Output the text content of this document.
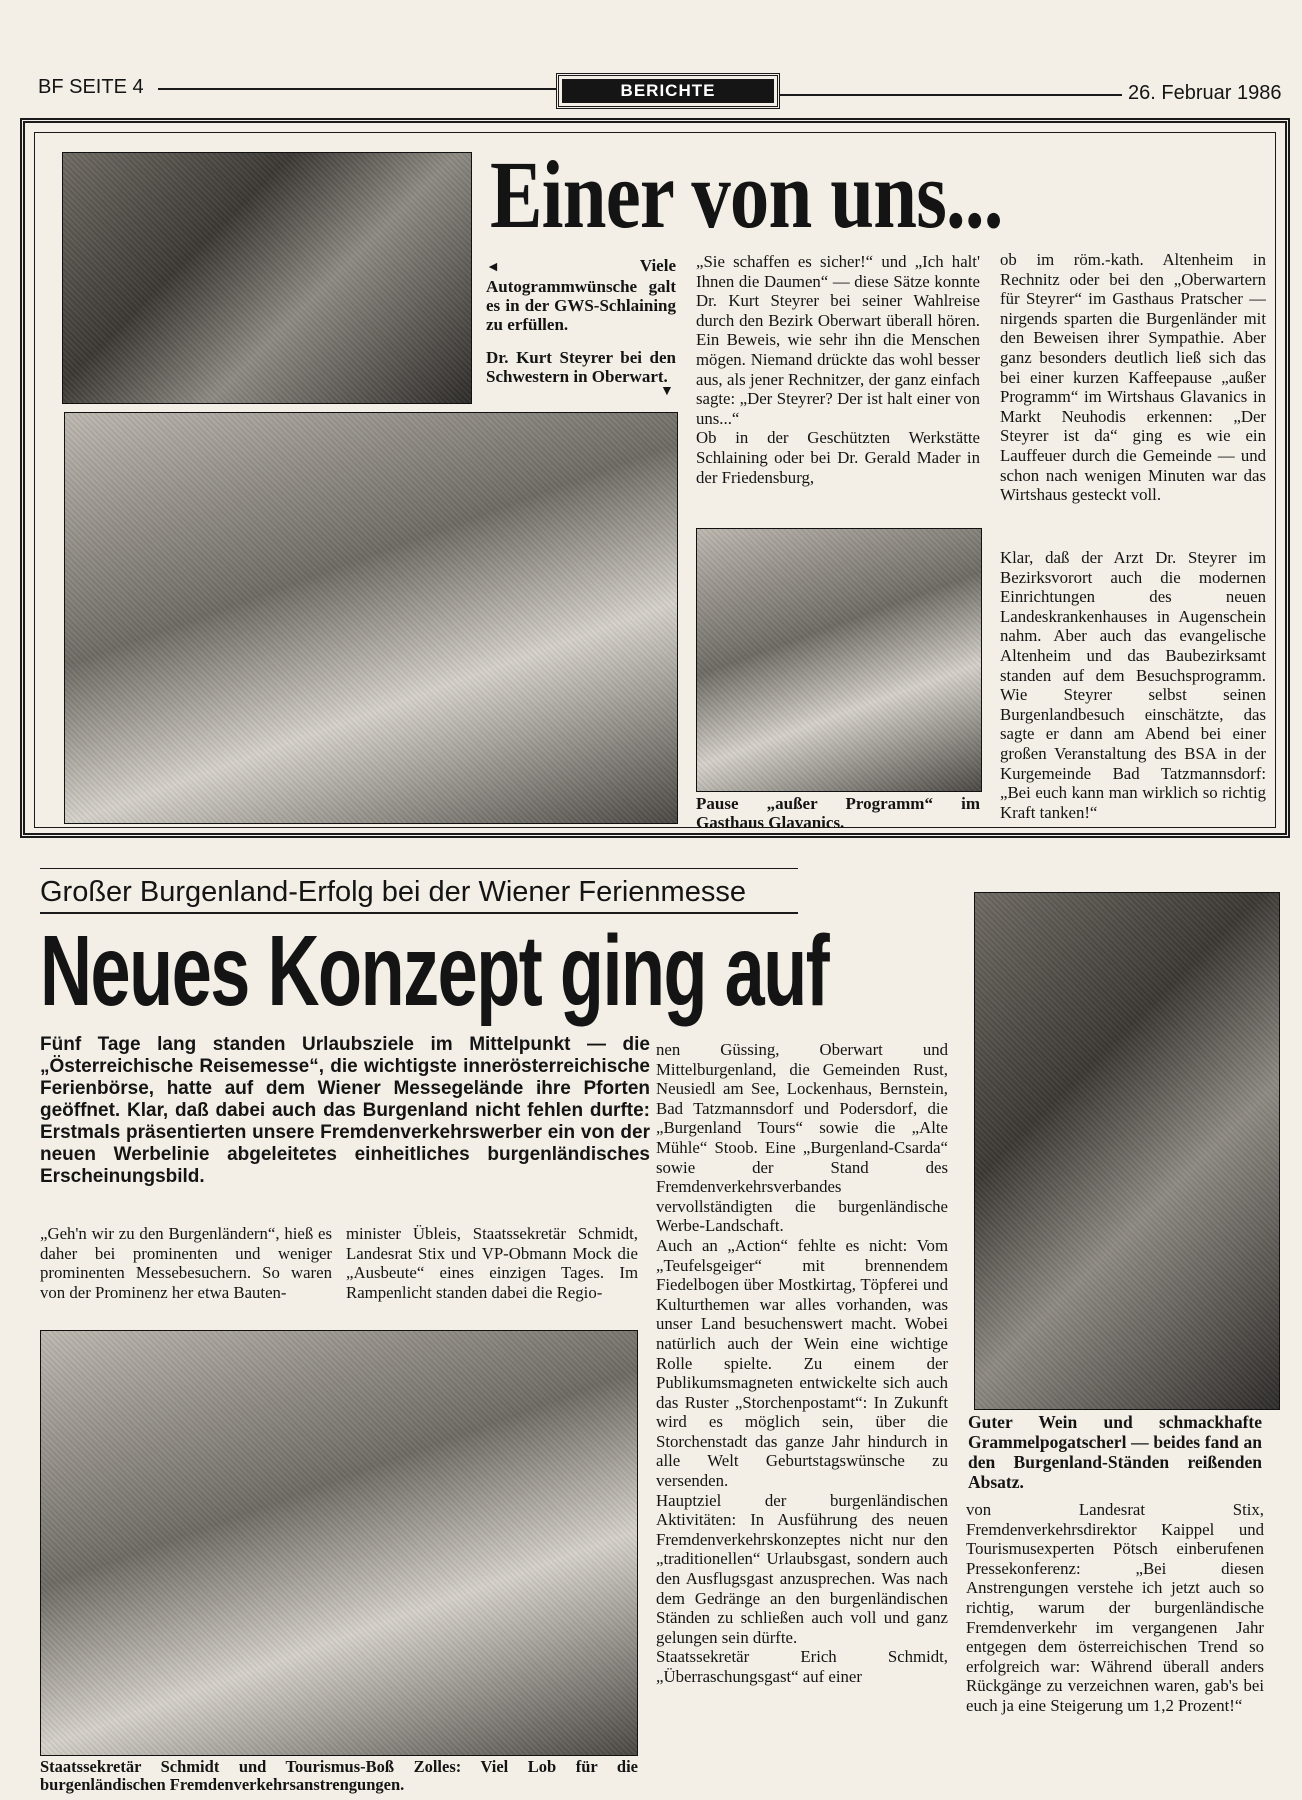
BF SEITE 4	BERICHTE	26. Februar 1986
Einer von uns...
◄ Viele Autogrammwünsche galt es in der GWS-Schlaining zu erfüllen.
Dr. Kurt Steyrer bei den Schwestern in Oberwart.
▼
„Sie schaffen es sicher!“ und „Ich halt' Ihnen die Daumen“ — diese Sätze konnte Dr. Kurt Steyrer bei seiner Wahlreise durch den Bezirk Oberwart überall hören. Ein Beweis, wie sehr ihn die Menschen mögen. Niemand drückte das wohl besser aus, als jener Rechnitzer, der ganz einfach sagte: „Der Steyrer? Der ist halt einer von uns...“
Ob in der Geschützten Werkstätte Schlaining oder bei Dr. Gerald Mader in der Friedensburg,
Pause „außer Programm“ im Gasthaus Glavanics.
ob im röm.-kath. Altenheim in Rechnitz oder bei den „Oberwartern für Steyrer“ im Gasthaus Pratscher — nirgends sparten die Burgenländer mit den Beweisen ihrer Sympathie. Aber ganz besonders deutlich ließ sich das bei einer kurzen Kaffeepause „außer Programm“ im Wirtshaus Glavanics in Markt Neuhodis erkennen: „Der Steyrer ist da“ ging es wie ein Lauffeuer durch die Gemeinde — und schon nach wenigen Minuten war das Wirtshaus gesteckt voll.
Klar, daß der Arzt Dr. Steyrer im Bezirksvorort auch die modernen Einrichtungen des neuen Landeskrankenhauses in Augenschein nahm. Aber auch das evangelische Altenheim und das Baubezirksamt standen auf dem Besuchsprogramm. Wie Steyrer selbst seinen Burgenlandbesuch einschätzte, das sagte er dann am Abend bei einer großen Veranstaltung des BSA in der Kurgemeinde Bad Tatzmannsdorf: „Bei euch kann man wirklich so richtig Kraft tanken!“
Großer Burgenland-Erfolg bei der Wiener Ferienmesse
Neues Konzept ging auf
Guter Wein und schmackhafte Grammelpogatscherl — beides fand an den Burgenland-Ständen reißenden Absatz.
Fünf Tage lang standen Urlaubsziele im Mittelpunkt — die „Österreichische Reisemesse“, die wichtigste innerösterreichische Ferienbörse, hatte auf dem Wiener Messegelände ihre Pforten geöffnet. Klar, daß dabei auch das Burgenland nicht fehlen durfte: Erstmals präsentierten unsere Fremdenverkehrswerber ein von der neuen Werbelinie abgeleitetes einheitliches burgenländisches Erscheinungsbild.
„Geh'n wir zu den Burgenländern“, hieß es daher bei prominenten und weniger prominenten Messebesuchern. So waren von der Prominenz her etwa Bauten-
minister Übleis, Staatssekretär Schmidt, Landesrat Stix und VP-Obmann Mock die „Ausbeute“ eines einzigen Tages. Im Rampenlicht standen dabei die Regio-
Staatssekretär Schmidt und Tourismus-Boß Zolles: Viel Lob für die burgenländischen Fremdenverkehrsanstrengungen.
nen Güssing, Oberwart und Mittelburgenland, die Gemeinden Rust, Neusiedl am See, Lockenhaus, Bernstein, Bad Tatzmannsdorf und Podersdorf, die „Burgenland Tours“ sowie die „Alte Mühle“ Stoob. Eine „Burgenland-Csarda“ sowie der Stand des Fremdenverkehrsverbandes vervollständigten die burgenländische Werbe-Landschaft.
Auch an „Action“ fehlte es nicht: Vom „Teufelsgeiger“ mit brennendem Fiedelbogen über Mostkirtag, Töpferei und Kulturthemen war alles vorhanden, was unser Land besuchenswert macht. Wobei natürlich auch der Wein eine wichtige Rolle spielte. Zu einem der Publikumsmagneten entwickelte sich auch das Ruster „Storchenpostamt“: In Zukunft wird es möglich sein, über die Storchenstadt das ganze Jahr hindurch in alle Welt Geburtstagswünsche zu versenden.
Hauptziel der burgenländischen Aktivitäten: In Ausführung des neuen Fremdenverkehrskonzeptes nicht nur den „traditionellen“ Urlaubsgast, sondern auch den Ausflugsgast anzusprechen. Was nach dem Gedränge an den burgenländischen Ständen zu schließen auch voll und ganz gelungen sein dürfte.
Staatssekretär Erich Schmidt, „Überraschungsgast“ auf einer
von Landesrat Stix, Fremdenverkehrsdirektor Kaippel und Tourismusexperten Pötsch einberufenen Pressekonferenz: „Bei diesen Anstrengungen verstehe ich jetzt auch so richtig, warum der burgenländische Fremdenverkehr im vergangenen Jahr entgegen dem österreichischen Trend so erfolgreich war: Während überall anders Rückgänge zu verzeichnen waren, gab's bei euch ja eine Steigerung um 1,2 Prozent!“
